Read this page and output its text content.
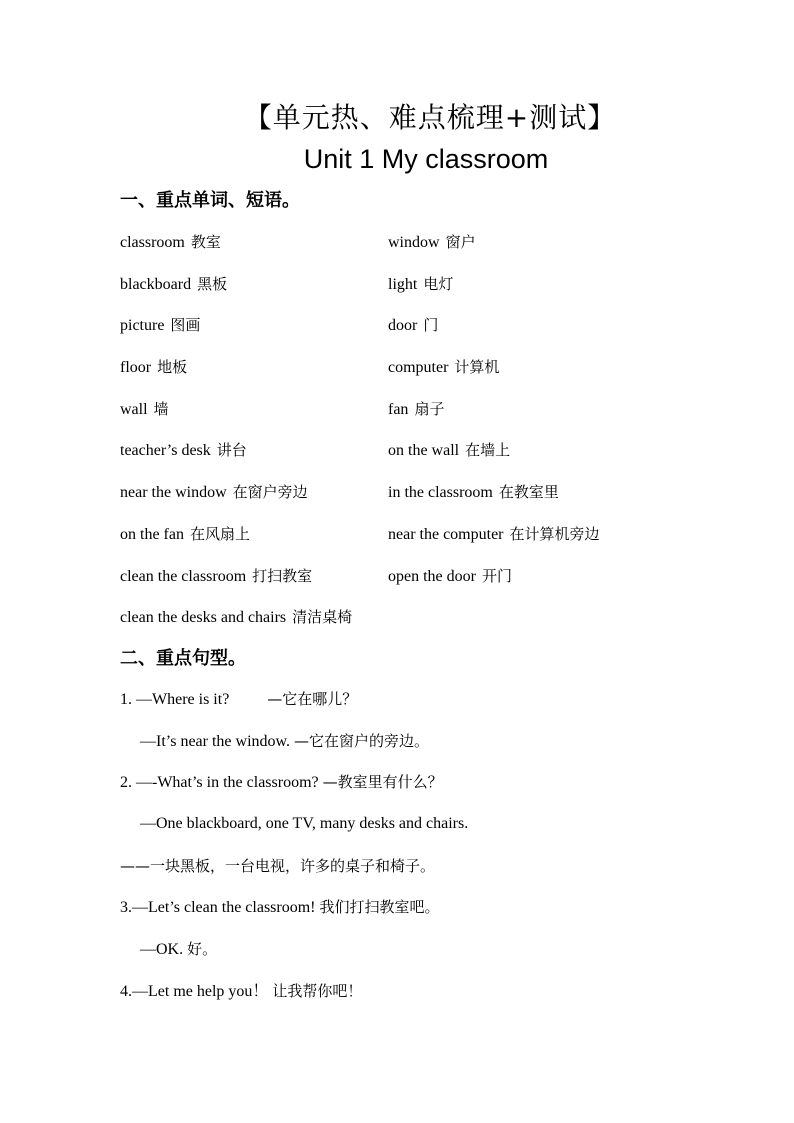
【单元热、难点梳理+测试】
Unit 1 My classroom
一、重点单词、短语。
classroom 教室	window 窗户
blackboard 黑板	light 电灯
picture 图画	door 门
floor 地板	computer 计算机
wall 墙	fan 扇子
teacher’s desk 讲台	on the wall 在墙上
near the window 在窗户旁边	in the classroom 在教室里
on the fan 在风扇上	near the computer 在计算机旁边
clean the classroom 打扫教室	open the door 开门
clean the desks and chairs 清洁桌椅
二、重点句型。
1. —Where is it?	—它在哪儿？
—It’s near the window. —它在窗户的旁边。
2. —-What’s in the classroom? —教室里有什么？
—One blackboard, one TV, many desks and chairs.
——一块黑板，一台电视，许多的桌子和椅子。
3.—Let’s clean the classroom! 我们打扫教室吧。
—OK. 好。
4.—Let me help you！ 让我帮你吧！
